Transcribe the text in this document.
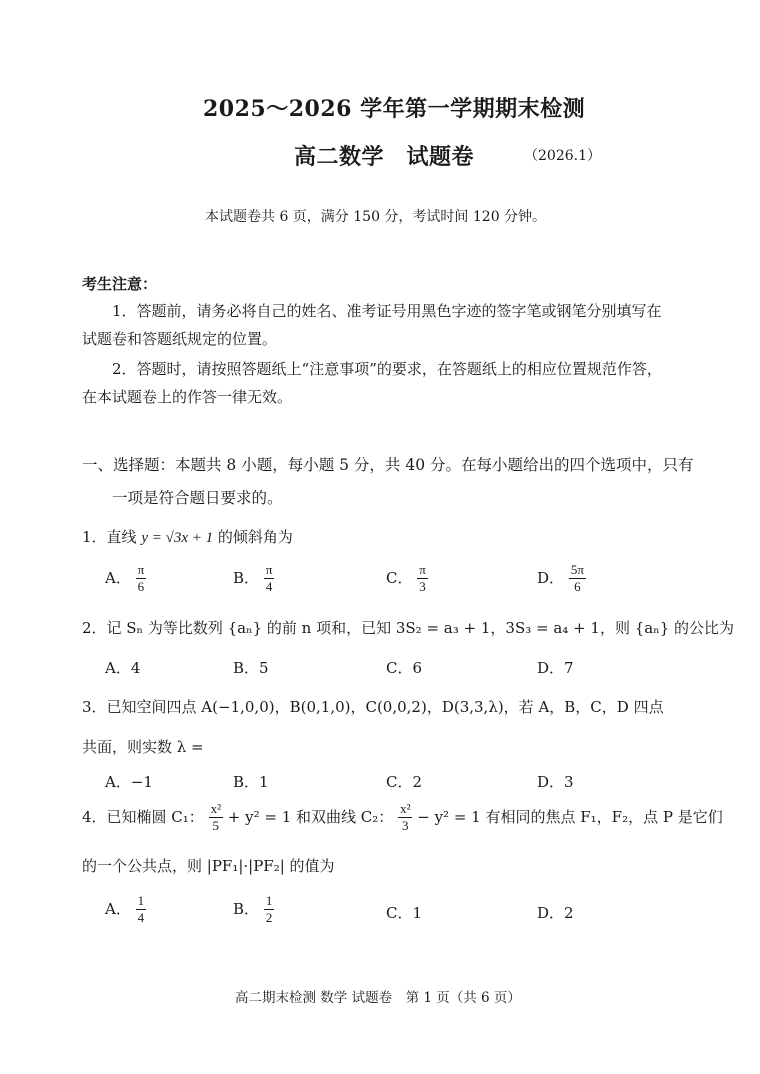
2025～2026 学年第一学期期末检测
高二数学　试题卷	（2026.1）
本试题卷共 6 页，满分 150 分，考试时间 120 分钟。
考生注意：
1．答题前，请务必将自己的姓名、准考证号用黑色字迹的签字笔或钢笔分别填写在
试题卷和答题纸规定的位置。
2．答题时，请按照答题纸上“注意事项”的要求，在答题纸上的相应位置规范作答，
在本试题卷上的作答一律无效。
一、选择题：本题共 8 小题，每小题 5 分，共 40 分。在每小题给出的四个选项中，只有
一项是符合题日要求的。
1．直线 y = √3x + 1 的倾斜角为
A． $\frac{\pi}{6}$	B． $\frac{\pi}{4}$	C． $\frac{\pi}{3}$	D． $\frac{5\pi}{6}$
2．记 Sₙ 为等比数列 {aₙ} 的前 n 项和，已知 3S₂ = a₃ + 1，3S₃ = a₄ + 1，则 {aₙ} 的公比为
A．4	B．5	C．6	D．7
3．已知空间四点 A(−1,0,0)，B(0,1,0)，C(0,0,2)，D(3,3,λ)，若 A，B，C，D 四点
共面，则实数 λ =
A．−1	B．1	C．2	D．3
4．已知椭圆 C₁： $\frac{\text{x²}}{5} + y^2 = 1$ 和双曲线 C₂： $\frac{\text{x²}}{3} - y^2 = 1$ 有相同的焦点 F₁，F₂，点 P 是它们
的一个公共点，则 |PF₁|·|PF₂| 的值为
A． $\frac{1}{4}$	B． $\frac{1}{2}$	C．1	D．2
高二期末检测 数学 试题卷　第 1 页（共 6 页）
